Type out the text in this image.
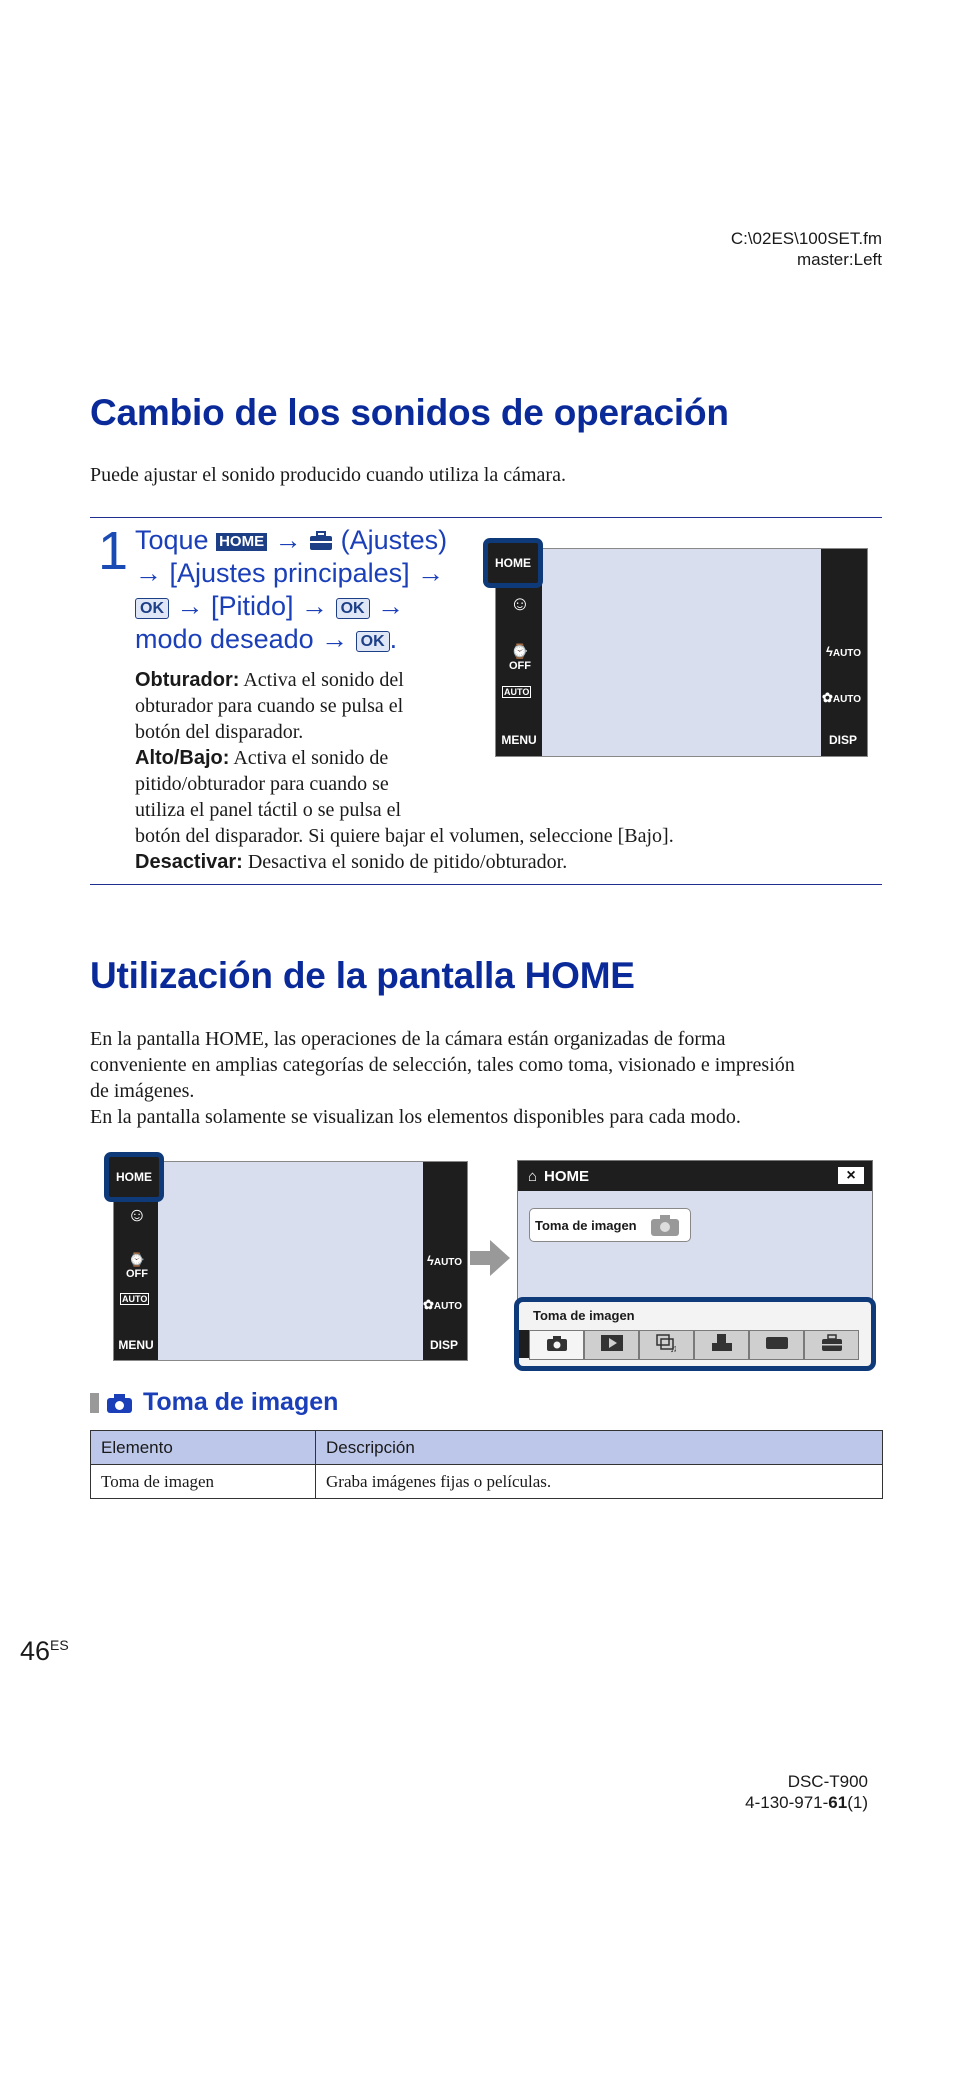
C:\02ES\100SET.fm
master:Left
Cambio de los sonidos de operación
Puede ajustar el sonido producido cuando utiliza la cámara.
1 Toque HOME → (Ajustes)
→ [Ajustes principales] →
OK → [Pitido] → OK →
modo deseado → OK .
Obturador: Activa el sonido del
obturador para cuando se pulsa el
botón del disparador.
Alto/Bajo: Activa el sonido de
pitido/obturador para cuando se
utiliza el panel táctil o se pulsa el
botón del disparador. Si quiere bajar el volumen, seleccione [Bajo].
Desactivar: Desactiva el sonido de pitido/obturador.
☺
⌚OFF
AUTO
MENU
ϟAUTO
✿AUTO
DISP
HOME
Utilización de la pantalla HOME
En la pantalla HOME, las operaciones de la cámara están organizadas de forma
conveniente en amplias categorías de selección, tales como toma, visionado e impresión
de imágenes.
En la pantalla solamente se visualizan los elementos disponibles para cada modo.
☺
⌚OFF
AUTO
MENU
ϟAUTO
✿AUTO
DISP
HOME	⌂ HOME	×
Toma de imagen
Toma de imagen
♫
Toma de imagen
Elemento	Descripción
Toma de imagen	Graba imágenes fijas o películas.
$46^{ES}$
DSC-T900
4-130-971-61(1)
